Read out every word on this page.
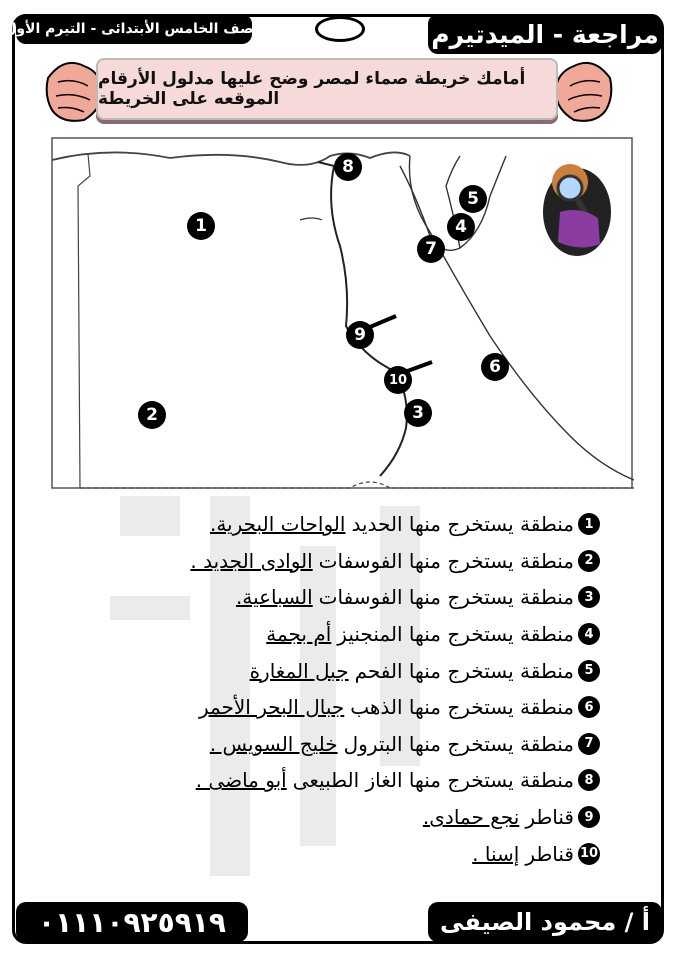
مراجعة - الميدتيرم
الصف الخامس الأبتدائى - التيرم الأول
أمامك خريطة صماء لمصر وضح عليها مدلول الأرقام الموقعه على الخريطة
1
2	3
4
5
6
7
8
9
10
1
منطقة يستخرج منها الحديد
الواحات البحرية.
2
منطقة يستخرج منها الفوسفات
الوادى الجديد .
3
منطقة يستخرج منها الفوسفات
السباعية.
4
منطقة يستخرج منها المنجنيز
أم بجمة
5
منطقة يستخرج منها الفحم
جبل المغارة
6
منطقة يستخرج منها الذهب
جبال البحر الأحمر
7
منطقة يستخرج منها البترول
خليج السويس .
8
منطقة يستخرج منها الغاز الطبيعى
أبو ماضى .
9
قناطر
نجع حمادى.
10
قناطر
إسنا .
أ / محمود الصيفى
٠١١١٠٩٢٥٩١٩
